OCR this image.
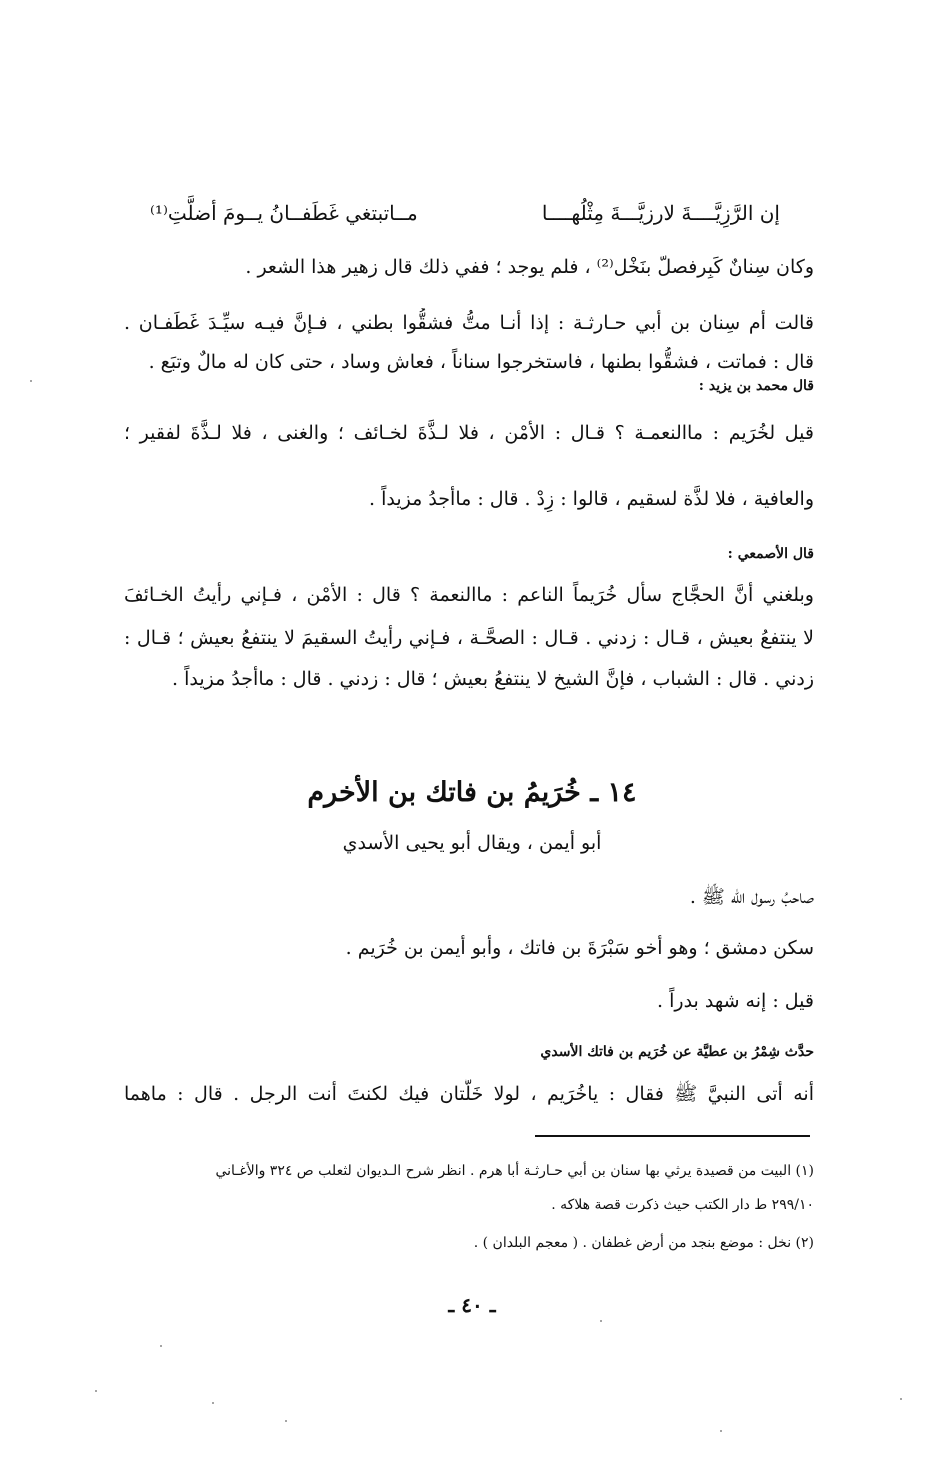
إن الرَّزِيَّــــةَ لارزيَّـــةَ مِثْلُهــــا
مــاتبتغي غَطَفــانُ يــومَ أضلَّتِ⁽¹⁾
وكان سِنانٌ كَبِرفصلّ بنَخْل⁽²⁾ ، فلم يوجد ؛ ففي ذلك قال زهير هذا الشعر .
قالت أم سِنان بن أبي حـارثـة : إذا أنـا متُّ فشقُّوا بطني ، فـإنَّ فيـه سيِّـدَ غَطَفـان .
قال : فماتت ، فشقُّوا بطنها ، فاستخرجوا سناناً ، فعاش وساد ، حتى كان له مالٌ وتبَع .
قال محمد بن يزيد :
قيل لخُرَيم : ماالنعمـة ؟ قـال : الأمْن ، فلا لـذَّةَ لخـائف ؛ والغنى ، فلا لـذَّةَ لفقير ؛
والعافية ، فلا لذَّة لسقيم ، قالوا : زِدْ . قال : ماأجدُ مزيداً .
قال الأصمعي :
وبلغني أنَّ الحجَّاج سأل خُرَيماً الناعم : ماالنعمة ؟ قال : الأمْن ، فـإني رأيتُ الخـائفَ
لا ينتفعُ بعيش ، قـال : زدني . قـال : الصحَّـة ، فـإني رأيتُ السقيمَ لا ينتفعُ بعيش ؛ قـال :
زدني . قال : الشباب ، فإنَّ الشيخ لا ينتفعُ بعيش ؛ قال : زدني . قال : ماأجدُ مزيداً .
١٤ ـ خُرَيمُ بن فاتك بن الأخرم
أبو أيمن ، ويقال أبو يحيى الأسدي
صاحبُ رسول الله ﷺ .
سكن دمشق ؛ وهو أخو سَبْرَةَ بن فاتك ، وأبو أيمن بن خُرَيم .
قيل : إنه شهد بدراً .
حدَّث شِمْرُ بن عطيَّة عن خُرَيم بن فاتك الأسدي
أنه أتى النبيَّ ﷺ فقال : ياخُرَيم ، لولا خَلَّتان فيك لكنتَ أنت الرجل . قال : ماهما
(١) البيت من قصيدة يرثي بها سنان بن أبي حـارثـة أبا هرم . انظر شرح الـديوان لثعلب ص ٣٢٤ والأغـاني
٢٩٩/١٠ ط دار الكتب حيث ذكرت قصة هلاكه .
(٢) نخل : موضع بنجد من أرض غطفان . ( معجم البلدان ) .
ـ ٤٠ ـ
